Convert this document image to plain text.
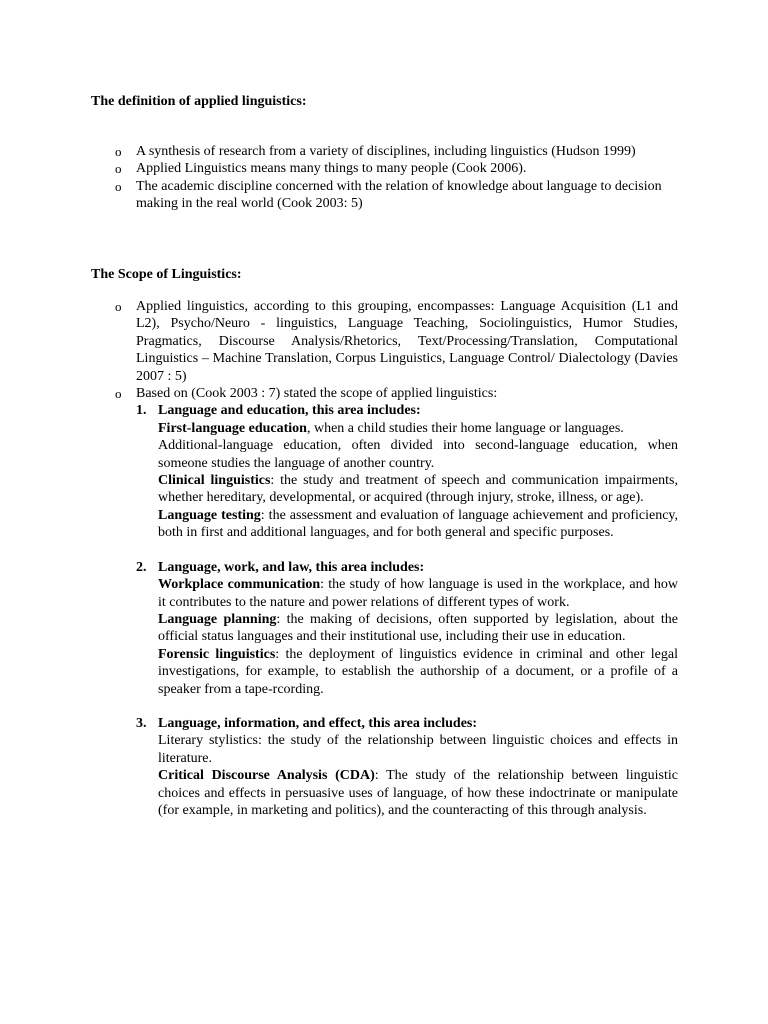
The definition of applied linguistics:
o A synthesis of research from a variety of disciplines, including linguistics (Hudson 1999)
o Applied Linguistics means many things to many people (Cook 2006).
o The academic discipline concerned with the relation of knowledge about language to decision making in the real world (Cook 2003: 5)
The Scope of Linguistics:
o Applied linguistics, according to this grouping, encompasses: Language Acquisition (L1 and L2), Psycho/Neuro - linguistics, Language Teaching, Sociolinguistics, Humor Studies, Pragmatics, Discourse Analysis/Rhetorics, Text/Processing/Translation, Computational Linguistics – Machine Translation, Corpus Linguistics, Language Control/ Dialectology (Davies 2007 : 5)
o Based on (Cook 2003 : 7) stated the scope of applied linguistics:
1. Language and education, this area includes:
First-language education, when a child studies their home language or languages.
Additional-language education, often divided into second-language education, when someone studies the language of another country.
Clinical linguistics: the study and treatment of speech and communication impairments, whether hereditary, developmental, or acquired (through injury, stroke, illness, or age).
Language testing: the assessment and evaluation of language achievement and proficiency, both in first and additional languages, and for both general and specific purposes.
2. Language, work, and law, this area includes:
Workplace communication: the study of how language is used in the workplace, and how it contributes to the nature and power relations of different types of work.
Language planning: the making of decisions, often supported by legislation, about the official status languages and their institutional use, including their use in education.
Forensic linguistics: the deployment of linguistics evidence in criminal and other legal investigations, for example, to establish the authorship of a document, or a profile of a speaker from a tape-rcording.
3. Language, information, and effect, this area includes:
Literary stylistics: the study of the relationship between linguistic choices and effects in literature.
Critical Discourse Analysis (CDA): The study of the relationship between linguistic choices and effects in persuasive uses of language, of how these indoctrinate or manipulate (for example, in marketing and politics), and the counteracting of this through analysis.
